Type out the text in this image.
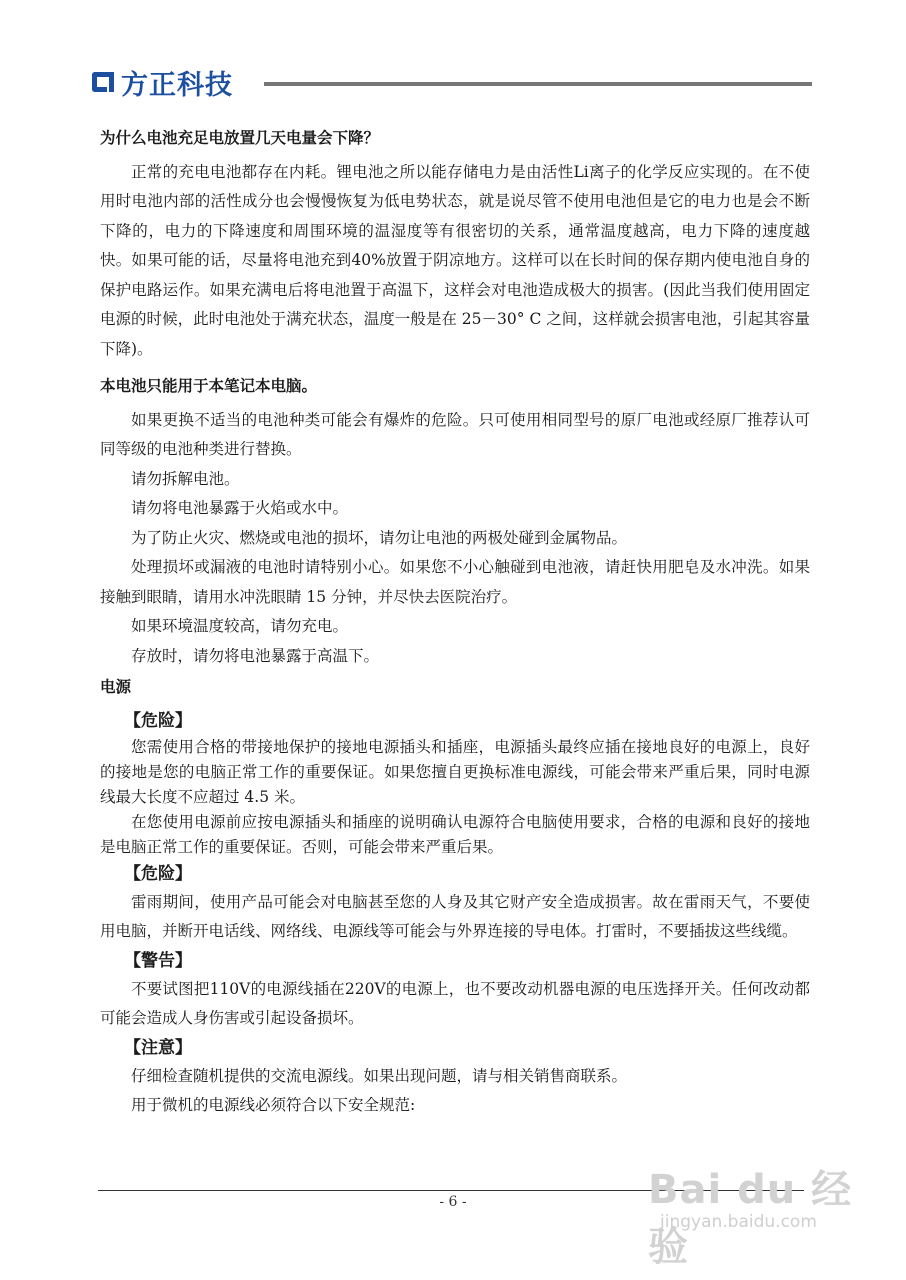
方正科技
为什么电池充足电放置几天电量会下降？

正常的充电电池都存在内耗。锂电池之所以能存储电力是由活性Li离子的化学反应实现的。在不使用时电池内部的活性成分也会慢慢恢复为低电势状态，就是说尽管不使用电池但是它的电力也是会不断下降的，电力的下降速度和周围环境的温湿度等有很密切的关系，通常温度越高，电力下降的速度越快。如果可能的话，尽量将电池充到40%放置于阴凉地方。这样可以在长时间的保存期内使电池自身的保护电路运作。如果充满电后将电池置于高温下，这样会对电池造成极大的损害。(因此当我们使用固定电源的时候，此时电池处于满充状态，温度一般是在 25－30° C 之间，这样就会损害电池，引起其容量下降)。

本电池只能用于本笔记本电脑。

如果更换不适当的电池种类可能会有爆炸的危险。只可使用相同型号的原厂电池或经原厂推荐认可同等级的电池种类进行替换。

请勿拆解电池。

请勿将电池暴露于火焰或水中。

为了防止火灾、燃烧或电池的损坏，请勿让电池的两极处碰到金属物品。

处理损坏或漏液的电池时请特别小心。如果您不小心触碰到电池液，请赶快用肥皂及水冲洗。如果接触到眼睛，请用水冲洗眼睛 15 分钟，并尽快去医院治疗。

如果环境温度较高，请勿充电。

存放时，请勿将电池暴露于高温下。

电源
【危险】

您需使用合格的带接地保护的接地电源插头和插座，电源插头最终应插在接地良好的电源上，良好的接地是您的电脑正常工作的重要保证。如果您擅自更换标准电源线，可能会带来严重后果，同时电源线最大长度不应超过 4.5 米。

在您使用电源前应按电源插头和插座的说明确认电源符合电脑使用要求，合格的电源和良好的接地是电脑正常工作的重要保证。否则，可能会带来严重后果。

【危险】

雷雨期间，使用产品可能会对电脑甚至您的人身及其它财产安全造成损害。故在雷雨天气，不要使用电脑，并断开电话线、网络线、电源线等可能会与外界连接的导电体。打雷时，不要插拔这些线缆。

【警告】

不要试图把110V的电源线插在220V的电源上，也不要改动机器电源的电压选择开关。任何改动都可能会造成人身伤害或引起设备损坏。

【注意】

仔细检查随机提供的交流电源线。如果出现问题，请与相关销售商联系。

用于微机的电源线必须符合以下安全规范:

- 6 -	Bai du 经验
jingyan.baidu.com
